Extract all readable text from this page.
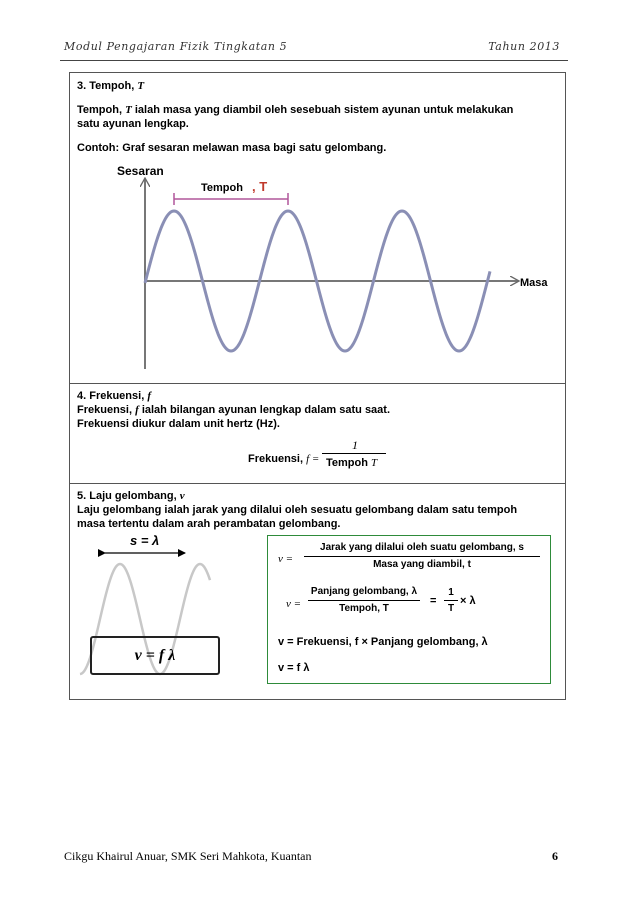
Modul Pengajaran Fizik Tingkatan 5	Tahun 2013
3. Tempoh, T
Tempoh, T ialah masa yang diambil oleh sesebuah sistem ayunan untuk melakukan
satu ayunan lengkap.
Contoh: Graf sesaran melawan masa bagi satu gelombang.
Sesaran
Masa
Tempoh , T
4. Frekuensi, f
Frekuensi, f ialah bilangan ayunan lengkap dalam satu saat.
Frekuensi diukur dalam unit hertz (Hz).
Frekuensi, f =
1
Tempoh T
5. Laju gelombang, v
Laju gelombang ialah jarak yang dilalui oleh sesuatu gelombang dalam satu tempoh
masa tertentu dalam arah perambatan gelombang.
s = λ
v = f λ
v =
Jarak yang dilalui oleh suatu gelombang, s
Masa yang diambil, t
v =
Panjang gelombang, λ
Tempoh, T
=
1
T
× λ
v = Frekuensi, f × Panjang gelombang, λ
v = f λ
Cikgu Khairul Anuar, SMK Seri Mahkota, Kuantan	6
